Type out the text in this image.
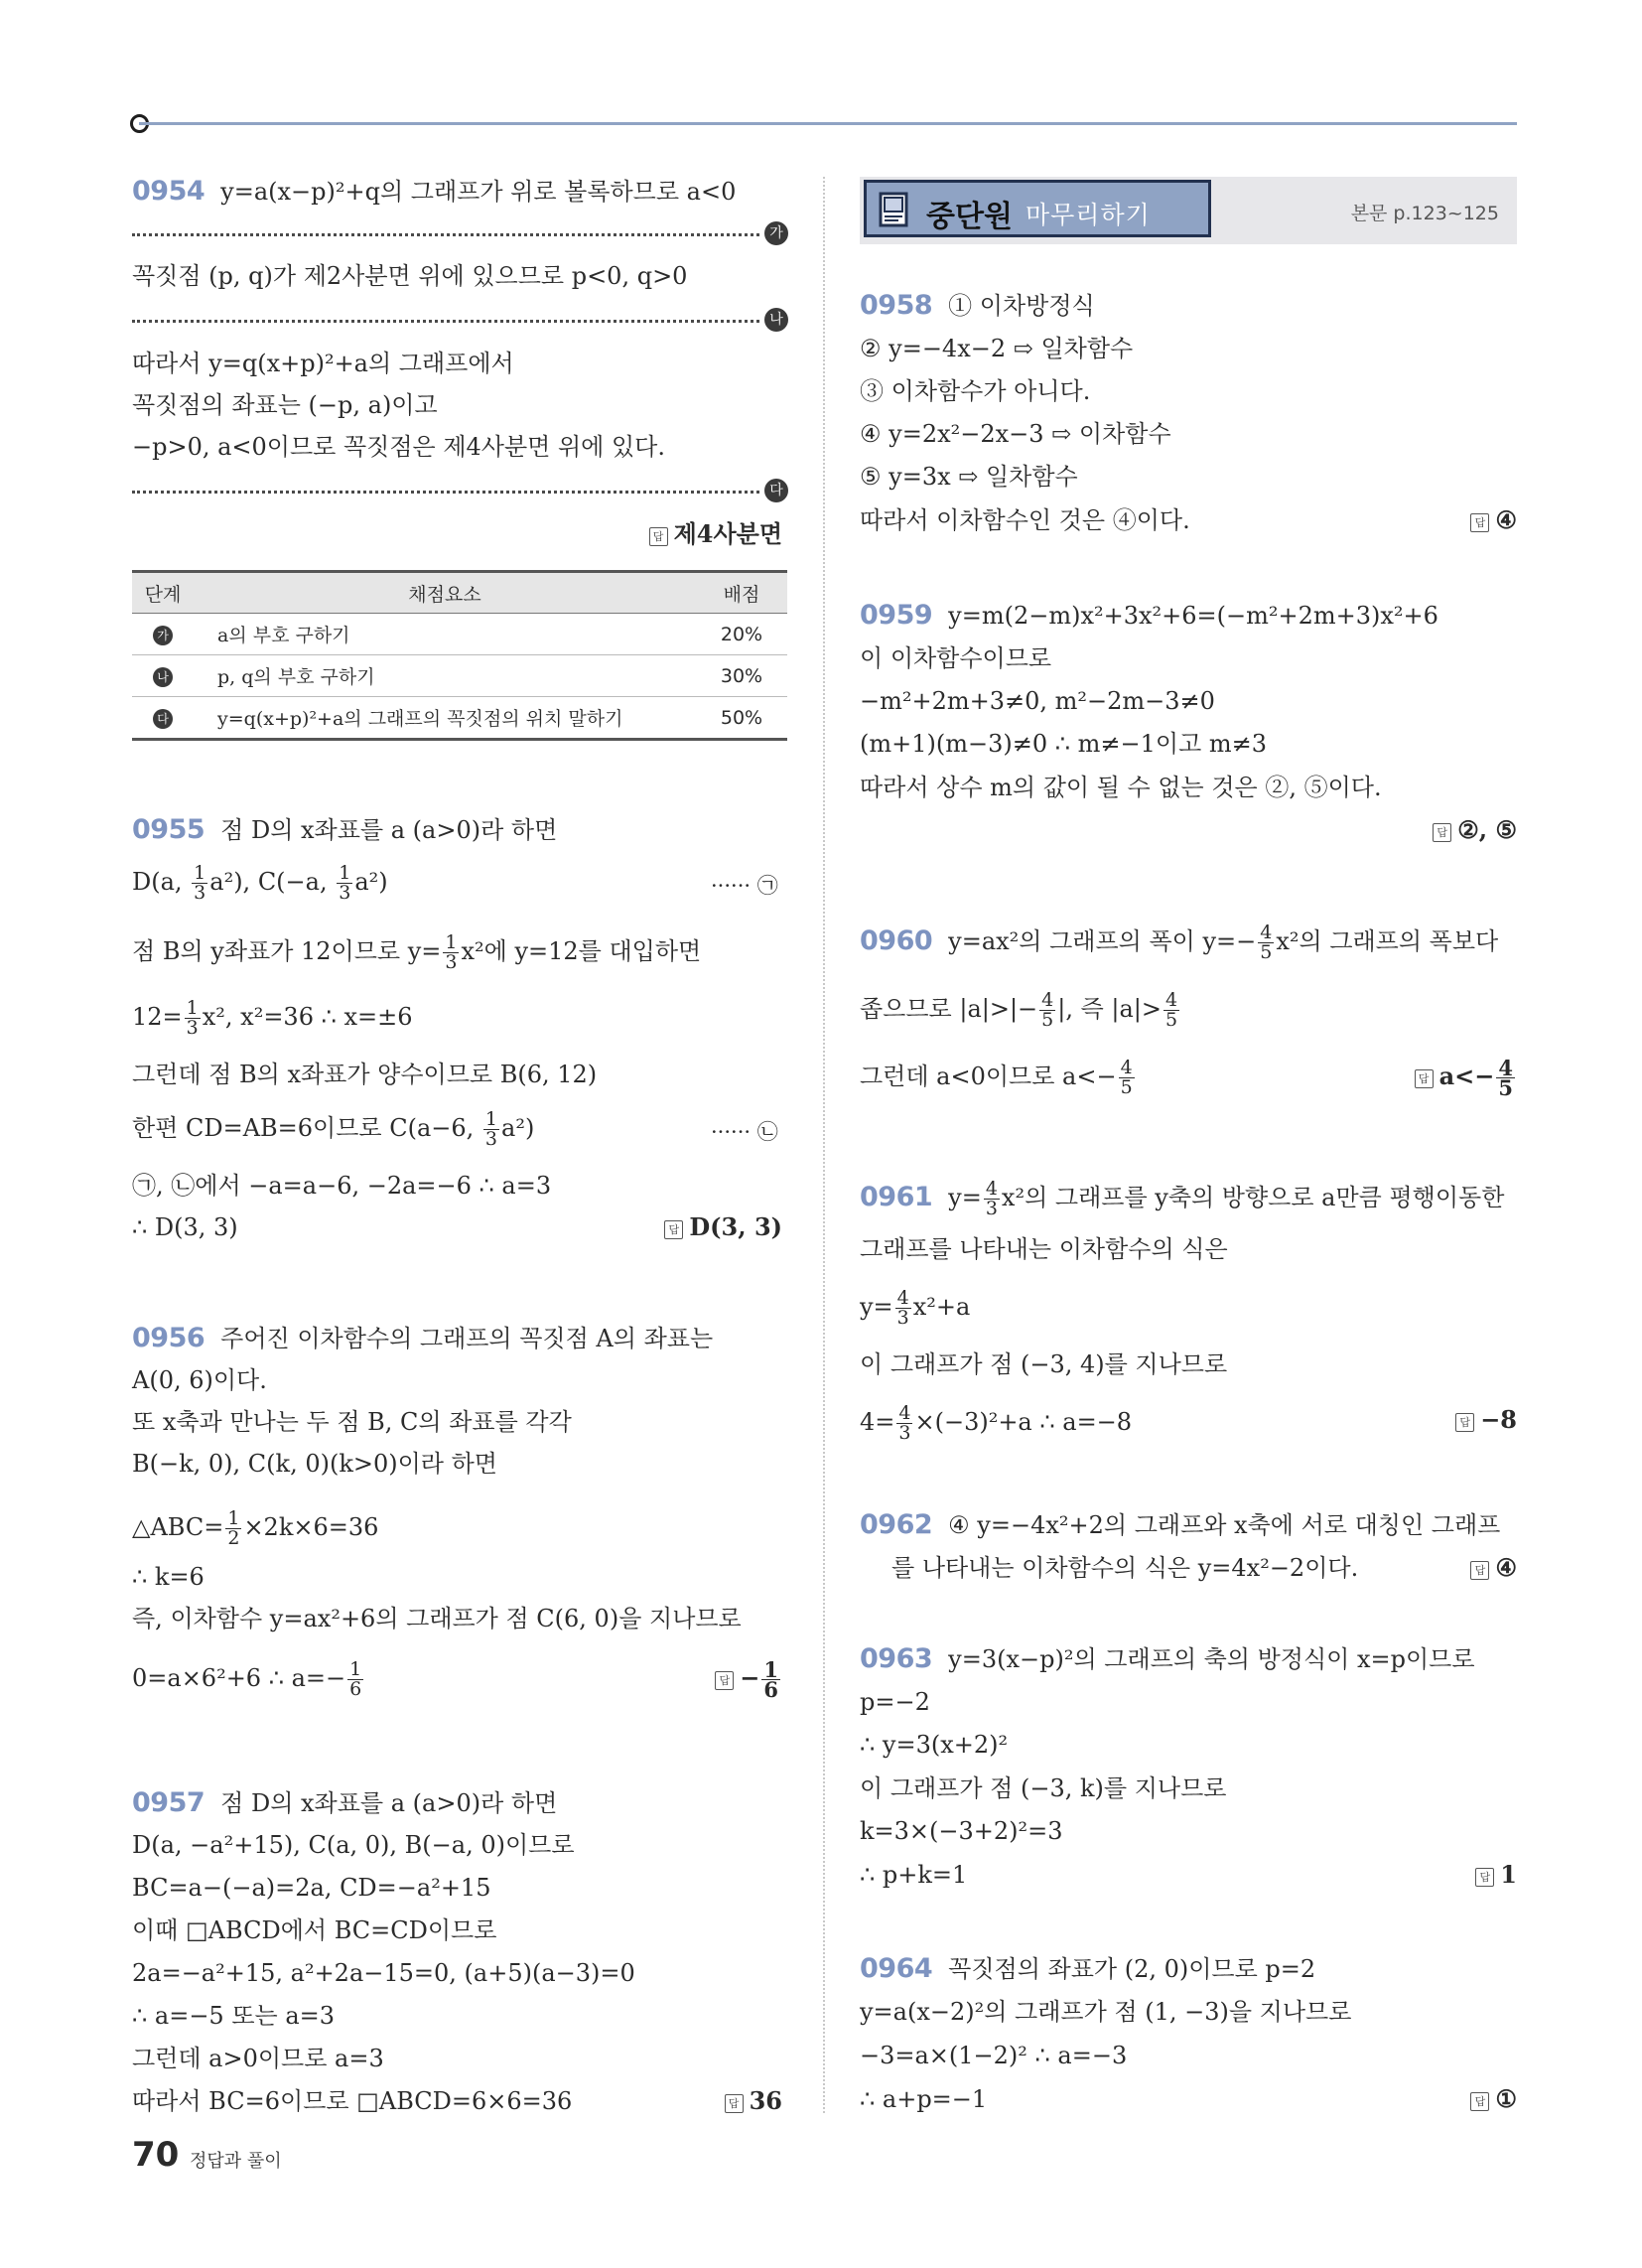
0954 y=a(x−p)²+q의 그래프가 위로 볼록하므로 a<0
가
꼭짓점 (p, q)가 제2사분면 위에 있으므로 p<0, q>0
나
따라서 y=q(x+p)²+a의 그래프에서
꼭짓점의 좌표는 (−p, a)이고
−p>0, a<0이므로 꼭짓점은 제4사분면 위에 있다.
다
답 제4사분면
단계	채점요소	배점
가	a의 부호 구하기	20%
나	p, q의 부호 구하기	30%
다	y=q(x+p)²+a의 그래프의 꼭짓점의 위치 말하기	50%
0955 점 D의 x좌표를 a (a>0)라 하면
D(a, $\frac{1}{3} a^2$), C(−a, $\frac{1}{3} a^2$)	······ ㉠
점 B의 y좌표가 12이므로 $y= \frac{1}{3} x^2$에 y=12를 대입하면
$12= \frac{1}{3} x^2$, x²=36 ∴ x=±6
그런데 점 B의 x좌표가 양수이므로 B(6, 12)
한편 CD=AB=6이므로 C(a−6, $\frac{1}{3} a^2$)	······ ㉡
㉠, ㉡에서 −a=a−6, −2a=−6 ∴ a=3
∴ D(3, 3)	답 D(3, 3)
0956 주어진 이차함수의 그래프의 꼭짓점 A의 좌표는
A(0, 6)이다.
또 x축과 만나는 두 점 B, C의 좌표를 각각
B(−k, 0), C(k, 0)(k>0)이라 하면
△ABC= $\frac{1}{2} \times 2k\times 6=36$
∴ k=6
즉, 이차함수 y=ax²+6의 그래프가 점 C(6, 0)을 지나므로
0=a×6²+6 ∴ $a=- \frac{1}{6}$	답 − $\frac{1}{6}$
0957 점 D의 x좌표를 a (a>0)라 하면
D(a, −a²+15), C(a, 0), B(−a, 0)이므로
BC=a−(−a)=2a, CD=−a²+15
이때 □ABCD에서 BC=CD이므로
2a=−a²+15, a²+2a−15=0, (a+5)(a−3)=0
∴ a=−5 또는 a=3
그런데 a>0이므로 a=3
따라서 BC=6이므로 □ABCD=6×6=36	답 36
중단원 마무리하기	본문 p.123~125
0958 ① 이차방정식
② y=−4x−2 ⇨ 일차함수
③ 이차함수가 아니다.
④ y=2x²−2x−3 ⇨ 이차함수
⑤ y=3x ⇨ 일차함수
따라서 이차함수인 것은 ④이다.	답 ④
0959 y=m(2−m)x²+3x²+6=(−m²+2m+3)x²+6
이 이차함수이므로
−m²+2m+3≠0, m²−2m−3≠0
(m+1)(m−3)≠0 ∴ m≠−1이고 m≠3
따라서 상수 m의 값이 될 수 없는 것은 ②, ⑤이다.
답 ②, ⑤
0960 y=ax²의 그래프의 폭이 $y=- \frac{4}{5} x^2$의 그래프의 폭보다
좁으므로 $|a|>|- \frac{4}{5}$ |, 즉 $|a|> \frac{4}{5}$
그런데 a<0이므로 $a<- \frac{4}{5}$	답 $a<- \frac{4}{5}$
0961 $y= \frac{4}{3} x^2$의 그래프를 y축의 방향으로 a만큼 평행이동한
그래프를 나타내는 이차함수의 식은
$y= \frac{4}{3} x^2+a$
이 그래프가 점 (−3, 4)를 지나므로
$4= \frac{4}{3} \times(-3)^2+a$ ∴ a=−8	답 −8
0962 ④ y=−4x²+2의 그래프와 x축에 서로 대칭인 그래프
를 나타내는 이차함수의 식은 y=4x²−2이다.	답 ④
0963 y=3(x−p)²의 그래프의 축의 방정식이 x=p이므로
p=−2
∴ y=3(x+2)²
이 그래프가 점 (−3, k)를 지나므로
k=3×(−3+2)²=3
∴ p+k=1	답 1
0964 꼭짓점의 좌표가 (2, 0)이므로 p=2
y=a(x−2)²의 그래프가 점 (1, −3)을 지나므로
−3=a×(1−2)² ∴ a=−3
∴ a+p=−1	답 ①
70 정답과 풀이
